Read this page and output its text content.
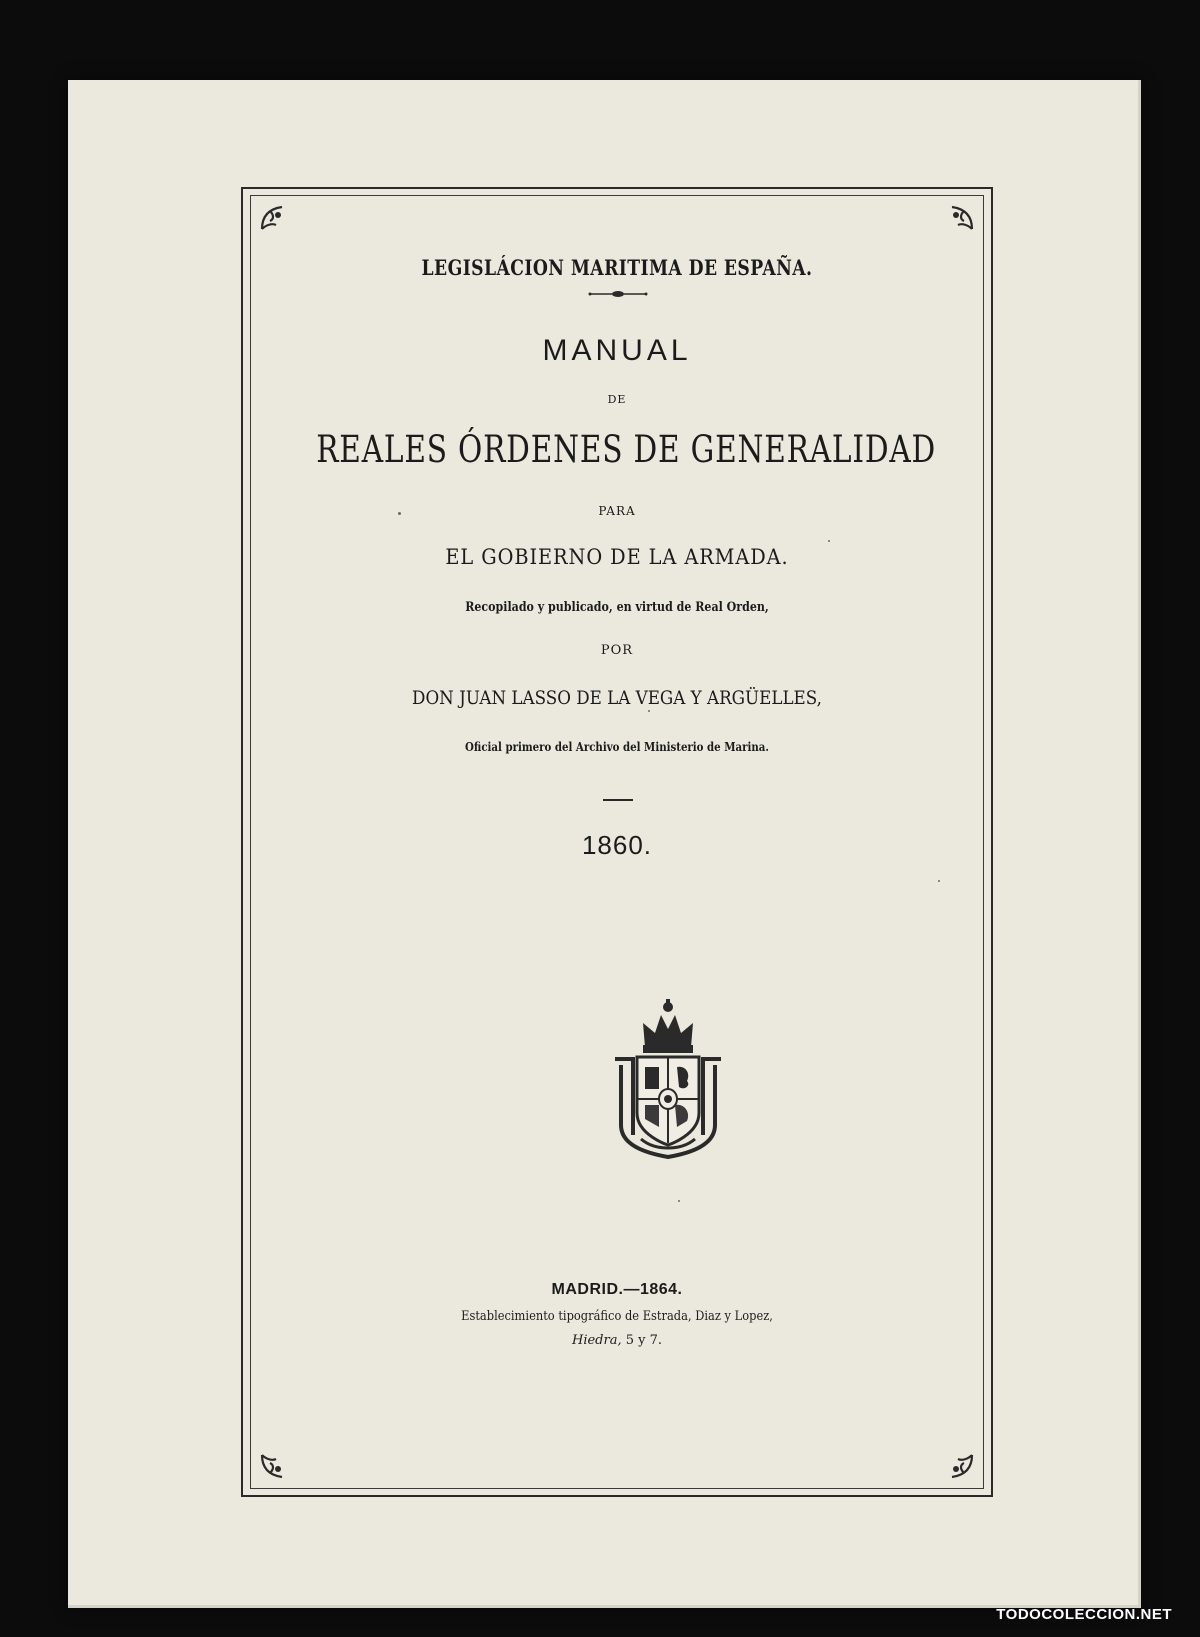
LEGISLÁCION MARITIMA DE ESPAÑA.
MANUAL
DE
REALES ÓRDENES DE GENERALIDAD
PARA
EL GOBIERNO DE LA ARMADA.
Recopilado y publicado, en virtud de Real Orden,
POR
DON JUAN LASSO DE LA VEGA Y ARGÜELLES,
Oficial primero del Archivo del Ministerio de Marina.
1860.
MADRID.—1864.
Establecimiento tipográfico de Estrada, Diaz y Lopez,
Hiedra, 5 y 7.
TODOCOLECCION.NET
